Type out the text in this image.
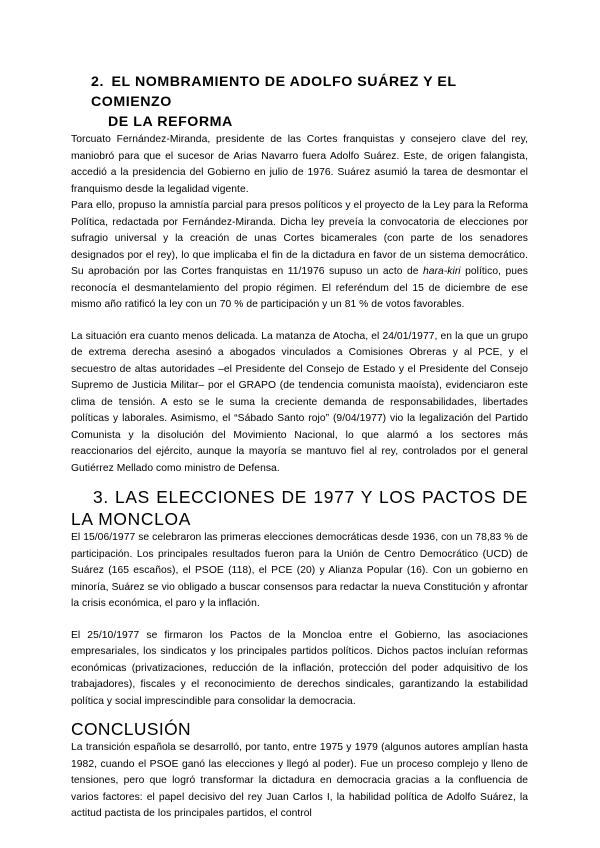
2. EL NOMBRAMIENTO DE ADOLFO SUÁREZ Y EL COMIENZO
DE LA REFORMA

Torcuato Fernández-Miranda, presidente de las Cortes franquistas y consejero clave del rey, maniobró para que el sucesor de Arias Navarro fuera Adolfo Suárez. Este, de origen falangista, accedió a la presidencia del Gobierno en julio de 1976. Suárez asumió la tarea de desmontar el franquismo desde la legalidad vigente.

Para ello, propuso la amnistía parcial para presos políticos y el proyecto de la Ley para la Reforma Política, redactada por Fernández-Miranda. Dicha ley preveía la convocatoria de elecciones por sufragio universal y la creación de unas Cortes bicamerales (con parte de los senadores designados por el rey), lo que implicaba el fin de la dictadura en favor de un sistema democrático. Su aprobación por las Cortes franquistas en 11/1976 supuso un acto de hara-kiri político, pues reconocía el desmantelamiento del propio régimen. El referéndum del 15 de diciembre de ese mismo año ratificó la ley con un 70 % de participación y un 81 % de votos favorables.

La situación era cuanto menos delicada. La matanza de Atocha, el 24/01/1977, en la que un grupo de extrema derecha asesinó a abogados vinculados a Comisiones Obreras y al PCE, y el secuestro de altas autoridades –el Presidente del Consejo de Estado y el Presidente del Consejo Supremo de Justicia Militar– por el GRAPO (de tendencia comunista maoísta), evidenciaron este clima de tensión. A esto se le suma la creciente demanda de responsabilidades, libertades políticas y laborales. Asimismo, el “Sábado Santo rojo” (9/04/1977) vio la legalización del Partido Comunista y la disolución del Movimiento Nacional, lo que alarmó a los sectores más reaccionarios del ejército, aunque la mayoría se mantuvo fiel al rey, controlados por el general Gutiérrez Mellado como ministro de Defensa.

3. LAS ELECCIONES DE 1977 Y LOS PACTOS DE LA MONCLOA

El 15/06/1977 se celebraron las primeras elecciones democráticas desde 1936, con un 78,83 % de participación. Los principales resultados fueron para la Unión de Centro Democrático (UCD) de Suárez (165 escaños), el PSOE (118), el PCE (20) y Alianza Popular (16). Con un gobierno en minoría, Suárez se vio obligado a buscar consensos para redactar la nueva Constitución y afrontar la crisis económica, el paro y la inflación.

El 25/10/1977 se firmaron los Pactos de la Moncloa entre el Gobierno, las asociaciones empresariales, los sindicatos y los principales partidos políticos. Dichos pactos incluían reformas económicas (privatizaciones, reducción de la inflación, protección del poder adquisitivo de los trabajadores), fiscales y el reconocimiento de derechos sindicales, garantizando la estabilidad política y social imprescindible para consolidar la democracia.

CONCLUSIÓN

La transición española se desarrolló, por tanto, entre 1975 y 1979 (algunos autores amplían hasta 1982, cuando el PSOE ganó las elecciones y llegó al poder). Fue un proceso complejo y lleno de tensiones, pero que logró transformar la dictadura en democracia gracias a la confluencia de varios factores: el papel decisivo del rey Juan Carlos I, la habilidad política de Adolfo Suárez, la actitud pactista de los principales partidos, el control
